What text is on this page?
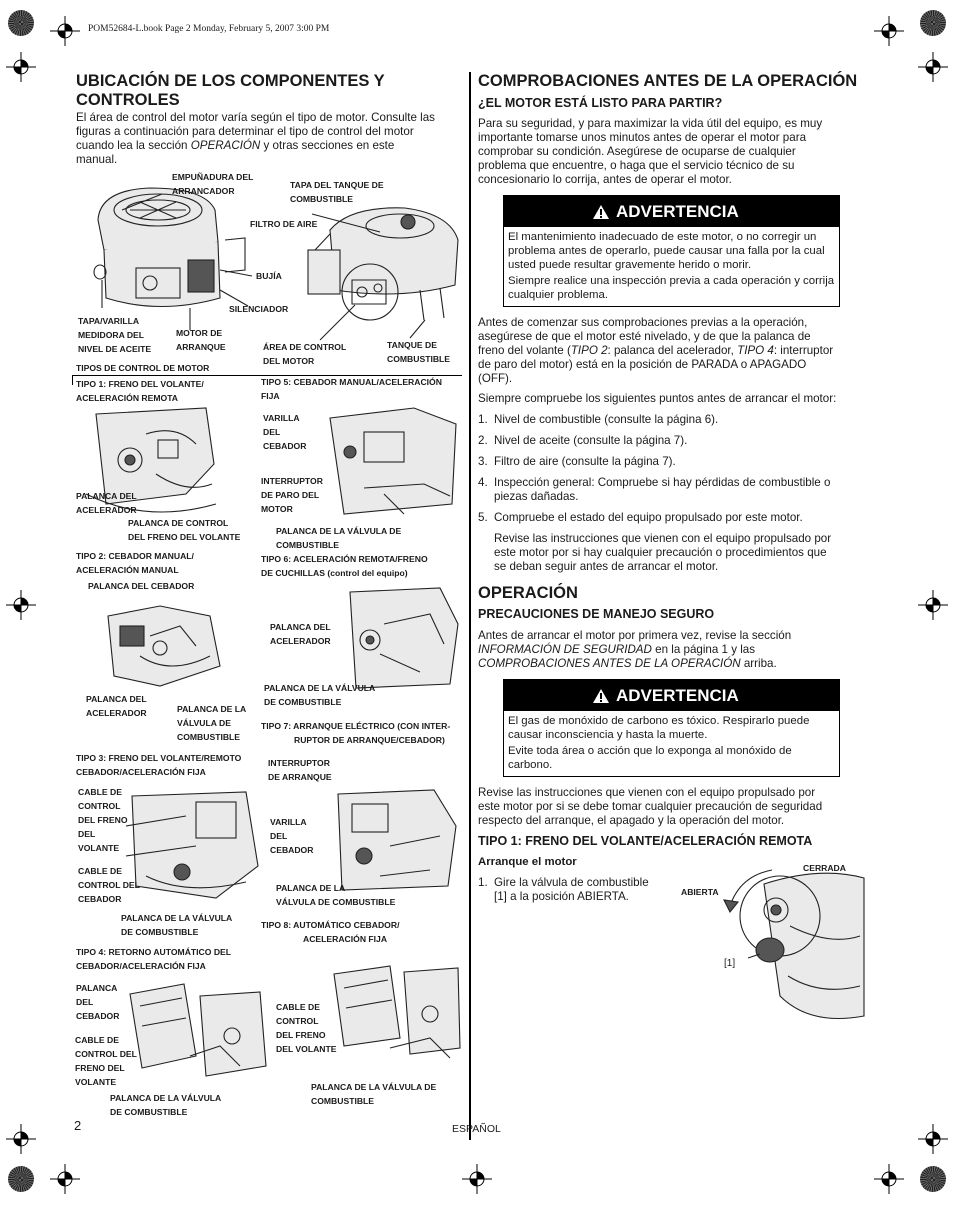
POM52684-L.book Page 2 Monday, February 5, 2007 3:00 PM
UBICACIÓN DE LOS COMPONENTES Y
CONTROLES
El área de control del motor varía según el tipo de motor. Consulte las
figuras a continuación para determinar el tipo de control del motor
cuando lea la sección OPERACIÓN y otras secciones en este
manual.
EMPUÑADURA DEL
ARRANCADOR
TAPA DEL TANQUE DE
COMBUSTIBLE
FILTRO DE AIRE
BUJÍA
SILENCIADOR
TAPA/VARILLA
MEDIDORA DEL
NIVEL DE ACEITE
MOTOR DE
ARRANQUE	ÁREA DE CONTROL
DEL MOTOR
TANQUE DE
COMBUSTIBLE
TIPOS DE CONTROL DE MOTOR
TIPO 1: FRENO DEL VOLANTE/
ACELERACIÓN REMOTA
PALANCA DEL
ACELERADOR
PALANCA DE CONTROL
DEL FRENO DEL VOLANTE
TIPO 2: CEBADOR MANUAL/
ACELERACIÓN MANUAL
PALANCA DEL CEBADOR
PALANCA DEL
ACELERADOR	PALANCA DE LA
VÁLVULA DE
COMBUSTIBLE
TIPO 3: FRENO DEL VOLANTE/REMOTO
CEBADOR/ACELERACIÓN FIJA
CABLE DE
CONTROL
DEL FRENO
DEL
VOLANTE
CABLE DE
CONTROL DEL
CEBADOR
PALANCA DE LA VÁLVULA
DE COMBUSTIBLE
TIPO 4: RETORNO AUTOMÁTICO DEL
CEBADOR/ACELERACIÓN FIJA
PALANCA
DEL
CEBADOR
CABLE DE
CONTROL DEL
FRENO DEL
VOLANTE
PALANCA DE LA VÁLVULA
DE COMBUSTIBLE
CABLE DE
CONTROL
DEL FRENO
DEL VOLANTE
TIPO 5: CEBADOR MANUAL/ACELERACIÓN
FIJA
VARILLA
DEL
CEBADOR
INTERRUPTOR
DE PARO DEL
MOTOR
PALANCA DE LA VÁLVULA DE
COMBUSTIBLE
TIPO 6: ACELERACIÓN REMOTA/FRENO
DE CUCHILLAS (control del equipo)
PALANCA DEL
ACELERADOR
PALANCA DE LA VÁLVULA
DE COMBUSTIBLE
TIPO 7: ARRANQUE ELÉCTRICO (CON INTER-
RUPTOR DE ARRANQUE/CEBADOR)
INTERRUPTOR
DE ARRANQUE
VARILLA
DEL
CEBADOR
PALANCA DE LA
VÁLVULA DE COMBUSTIBLE
TIPO 8: AUTOMÁTICO CEBADOR/
ACELERACIÓN FIJA
PALANCA DE LA VÁLVULA DE
COMBUSTIBLE
COMPROBACIONES ANTES DE LA OPERACIÓN
¿EL MOTOR ESTÁ LISTO PARA PARTIR?
Para su seguridad, y para maximizar la vida útil del equipo, es muy
importante tomarse unos minutos antes de operar el motor para
comprobar su condición. Asegúrese de ocuparse de cualquier
problema que encuentre, o haga que el servicio técnico de su
concesionario lo corrija, antes de operar el motor.
ADVERTENCIA

El mantenimiento inadecuado de este motor, o no corregir un problema antes de operarlo, puede causar una falla por la cual usted puede resultar gravemente herido o morir.

Siempre realice una inspección previa a cada operación y corrija cualquier problema.

Antes de comenzar sus comprobaciones previas a la operación,
asegúrese de que el motor esté nivelado, y de que la palanca de
freno del volante (TIPO 2: palanca del acelerador, TIPO 4: interruptor
de paro del motor) está en la posición de PARADA o APAGADO
(OFF).
Siempre compruebe los siguientes puntos antes de arrancar el motor:
1. Nivel de combustible (consulte la página 6).
2. Nivel de aceite (consulte la página 7).
3. Filtro de aire (consulte la página 7).
4. Inspección general: Compruebe si hay pérdidas de combustible o
piezas dañadas.
5. Compruebe el estado del equipo propulsado por este motor.
Revise las instrucciones que vienen con el equipo propulsado por
este motor por si hay cualquier precaución o procedimientos que
se deban seguir antes de arrancar el motor.
OPERACIÓN
PRECAUCIONES DE MANEJO SEGURO
Antes de arrancar el motor por primera vez, revise la sección
INFORMACIÓN DE SEGURIDAD en la página 1 y las
COMPROBACIONES ANTES DE LA OPERACIÓN arriba.
ADVERTENCIA

El gas de monóxido de carbono es tóxico. Respirarlo puede causar inconsciencia y hasta la muerte.

Evite toda área o acción que lo exponga al monóxido de carbono.

Revise las instrucciones que vienen con el equipo propulsado por
este motor por si se debe tomar cualquier precaución de seguridad
respecto del arranque, el apagado y la operación del motor.
TIPO 1: FRENO DEL VOLANTE/ACELERACIÓN REMOTA
Arranque el motor
1. Gire la válvula de combustible
[1] a la posición ABIERTA.
CERRADA
ABIERTA
[1]
2	ESPAÑOL
